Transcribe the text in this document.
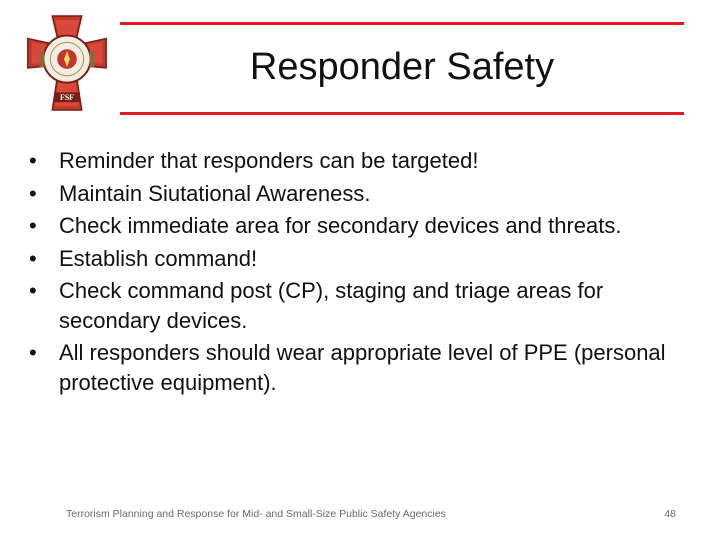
FSF
Responder Safety
•	Reminder that responders can be targeted!
•	Maintain Siutational Awareness.
•	Check immediate area for secondary devices and threats.
•	Establish command!
•	Check command post (CP), staging and triage areas for secondary devices.
•	All responders should wear appropriate level of PPE (personal protective equipment).
Terrorism Planning and Response for Mid- and Small-Size Public Safety Agencies	48
